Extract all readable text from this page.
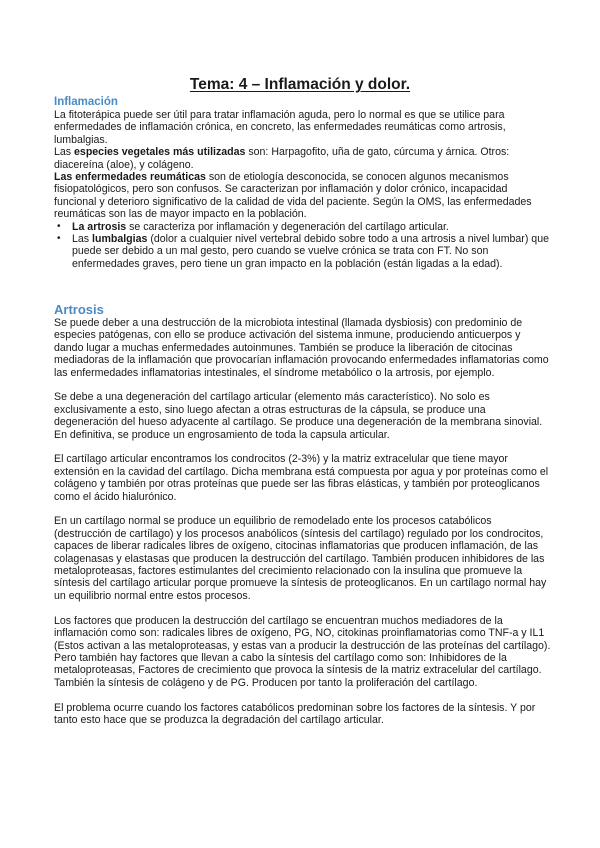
Tema: 4 – Inflamación y dolor.

Inflamación

La fitoterápica puede ser útil para tratar inflamación aguda, pero lo normal es que se utilice para enfermedades de inflamación crónica, en concreto, las enfermedades reumáticas como artrosis, lumbalgias.

Las especies vegetales más utilizadas son: Harpagofito, uña de gato, cúrcuma y árnica. Otros: diacereína (aloe), y colágeno.

Las enfermedades reumáticas son de etiología desconocida, se conocen algunos mecanismos fisiopatológicos, pero son confusos. Se caracterizan por inflamación y dolor crónico, incapacidad funcional y deterioro significativo de la calidad de vida del paciente. Según la OMS, las enfermedades reumáticas son las de mayor impacto en la población.

• La artrosis se caracteriza por inflamación y degeneración del cartílago articular.
• Las lumbalgias (dolor a cualquier nivel vertebral debido sobre todo a una artrosis a nivel lumbar) que puede ser debido a un mal gesto, pero cuando se vuelve crónica se trata con FT. No son enfermedades graves, pero tiene un gran impacto en la población (están ligadas a la edad).

Artrosis

Se puede deber a una destrucción de la microbiota intestinal (llamada dysbiosis) con predominio de especies patógenas, con ello se produce activación del sistema inmune, produciendo anticuerpos y dando lugar a muchas enfermedades autoinmunes. También se produce la liberación de citocinas mediadoras de la inflamación que provocarían inflamación provocando enfermedades inflamatorias como las enfermedades inflamatorias intestinales, el síndrome metabólico o la artrosis, por ejemplo.

Se debe a una degeneración del cartílago articular (elemento más característico). No solo es exclusivamente a esto, sino luego afectan a otras estructuras de la cápsula, se produce una degeneración del hueso adyacente al cartílago. Se produce una degeneración de la membrana sinovial. En definitiva, se produce un engrosamiento de toda la capsula articular.

El cartílago articular encontramos los condrocitos (2-3%) y la matriz extracelular que tiene mayor extensión en la cavidad del cartílago. Dicha membrana está compuesta por agua y por proteínas como el colágeno y también por otras proteínas que puede ser las fibras elásticas, y también por proteoglicanos como el ácido hialurónico.

En un cartílago normal se produce un equilibrio de remodelado ente los procesos catabólicos (destrucción de cartílago) y los procesos anabólicos (síntesis del cartílago) regulado por los condrocitos, capaces de liberar radicales libres de oxígeno, citocinas inflamatorias que producen inflamación, de las colagenasas y elastasas que producen la destrucción del cartílago. También producen inhibidores de las metaloproteasas, factores estimulantes del crecimiento relacionado con la insulina que promueve la síntesis del cartílago articular porque promueve la síntesis de proteoglicanos. En un cartílago normal hay un equilibrio normal entre estos procesos.

Los factores que producen la destrucción del cartílago se encuentran muchos mediadores de la inflamación como son: radicales libres de oxígeno, PG, NO, citokinas proinflamatorias como TNF-a y IL1 (Estos activan a las metaloproteasas, y estas van a producir la destrucción de las proteínas del cartílago). Pero también hay factores que llevan a cabo la síntesis del cartílago como son: Inhibidores de la metaloproteasas, Factores de crecimiento que provoca la síntesis de la matriz extracelular del cartílago. También la síntesis de colágeno y de PG. Producen por tanto la proliferación del cartílago.

El problema ocurre cuando los factores catabólicos predominan sobre los factores de la síntesis. Y por tanto esto hace que se produzca la degradación del cartílago articular.
